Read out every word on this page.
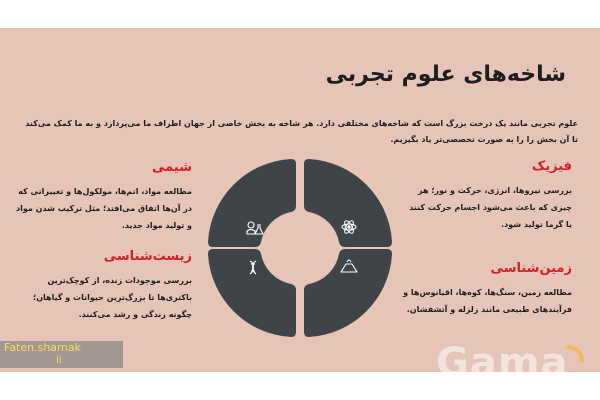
شاخه‌های علوم تجربی
علوم تجربی مانند یک درخت بزرگ است که شاخه‌های مختلفی دارد. هر شاخه به بخش خاصی از جهان اطراف ما می‌پردازد و به ما کمک می‌کند تا آن بخش را را به صورت تخصصی‌تر یاد بگیریم.
شیمی

مطالعه مواد، اتم‌ها، مولکول‌ها و تغییراتی که در آن‌ها اتفاق می‌افتد؛ مثل ترکیب شدن مواد و تولید مواد جدید.

فیزیک

بررسی نیروها، انرژی، حرکت و نور؛ هر چیزی که باعث می‌شود اجسام حرکت کنند یا گرما تولید شود.

زیست‌شناسی

بررسی موجودات زنده، از کوچک‌ترین باکتری‌ها تا بزرگ‌ترین حیوانات و گیاهان؛ چگونه زندگی و رشد می‌کنند.

زمین‌شناسی

مطالعه زمین، سنگ‌ها، کوه‌ها، اقیانوس‌ها و فرآیندهای طبیعی مانند زلزله و آتشفشان.

Faten.shamak
li	Gama
